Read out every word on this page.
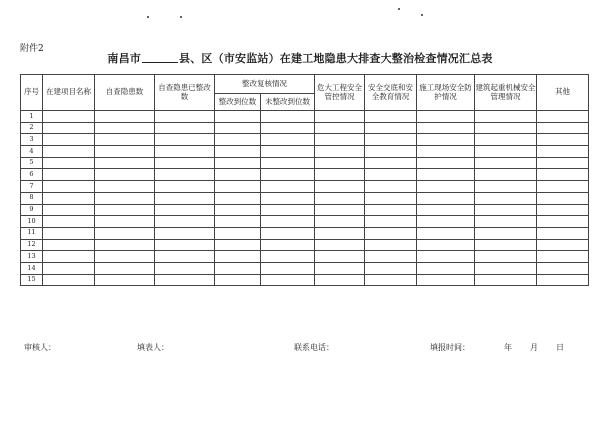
附件2
南昌市	县、区（市安监站）在建工地隐患大排查大整治检查情况汇总表
序号	在建项目名称	自查隐患数	自查隐患已整改数	整改复核情况		危大工程安全管控情况	安全交底和安全教育情况	施工现场安全防护情况	建筑起重机械安全管理情况	其他
				整改到位数	未整改到位数					
1										
2										
3										
4										
5										
6										
7										
8										
9										
10										
11										
12										
13										
14										
15										
审核人：	填表人：	联系电话：	填报时间：	年 月 日
